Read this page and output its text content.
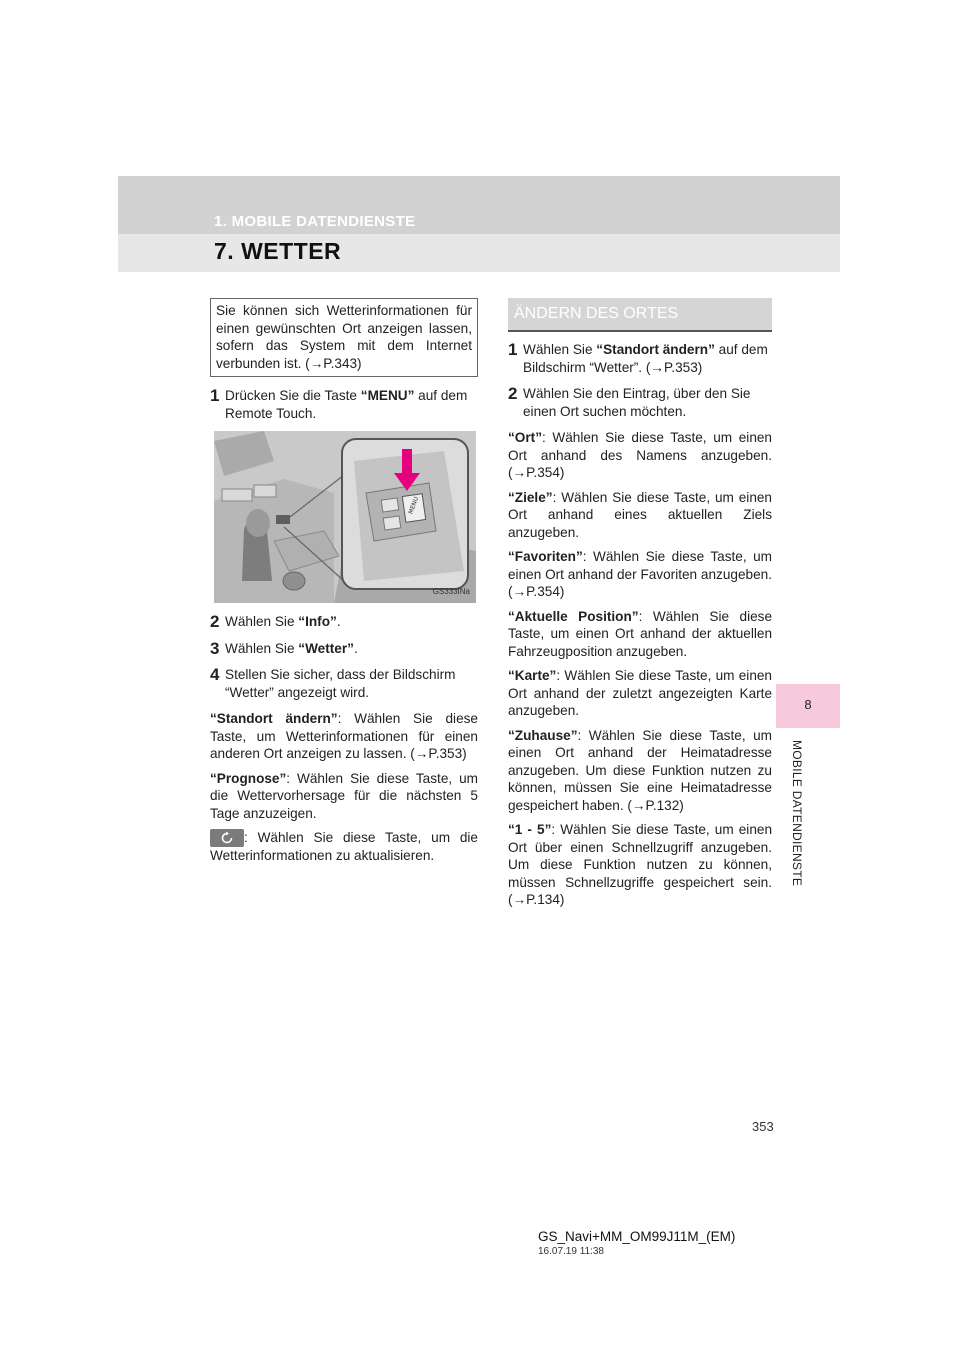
1. MOBILE DATENDIENSTE
7. WETTER
8
MOBILE DATENDIENSTE
Sie können sich Wetterinformationen für einen gewünschten Ort anzeigen lassen, sofern das System mit dem Internet verbunden ist. (→P.343)
1 Drücken Sie die Taste “MENU” auf dem Remote Touch.
MENU
GS333INa
2 Wählen Sie “Info”.
3 Wählen Sie “Wetter”.
4 Stellen Sie sicher, dass der Bildschirm “Wetter” angezeigt wird.
“Standort ändern”: Wählen Sie diese Taste, um Wetterinformationen für einen anderen Ort anzeigen zu lassen. (→P.353)
“Prognose”: Wählen Sie diese Taste, um die Wettervorhersage für die nächsten 5 Tage anzuzeigen.
: Wählen Sie diese Taste, um die Wetterinformationen zu aktualisieren.
ÄNDERN DES ORTES
1 Wählen Sie “Standort ändern” auf dem Bildschirm “Wetter”. (→P.353)
2 Wählen Sie den Eintrag, über den Sie einen Ort suchen möchten.
“Ort”: Wählen Sie diese Taste, um einen Ort anhand des Namens anzugeben. (→P.354)
“Ziele”: Wählen Sie diese Taste, um einen Ort anhand eines aktuellen Ziels anzugeben.
“Favoriten”: Wählen Sie diese Taste, um einen Ort anhand der Favoriten anzugeben. (→P.354)
“Aktuelle Position”: Wählen Sie diese Taste, um einen Ort anhand der aktuellen Fahrzeugposition anzugeben.
“Karte”: Wählen Sie diese Taste, um einen Ort anhand der zuletzt angezeigten Karte anzugeben.
“Zuhause”: Wählen Sie diese Taste, um einen Ort anhand der Heimatadresse anzugeben. Um diese Funktion nutzen zu können, müssen Sie eine Heimatadresse gespeichert haben. (→P.132)
“1 - 5”: Wählen Sie diese Taste, um einen Ort über einen Schnellzugriff anzugeben. Um diese Funktion nutzen zu können, müssen Schnellzugriffe gespeichert sein. (→P.134)
353
GS_Navi+MM_OM99J11M_(EM)
16.07.19 11:38
